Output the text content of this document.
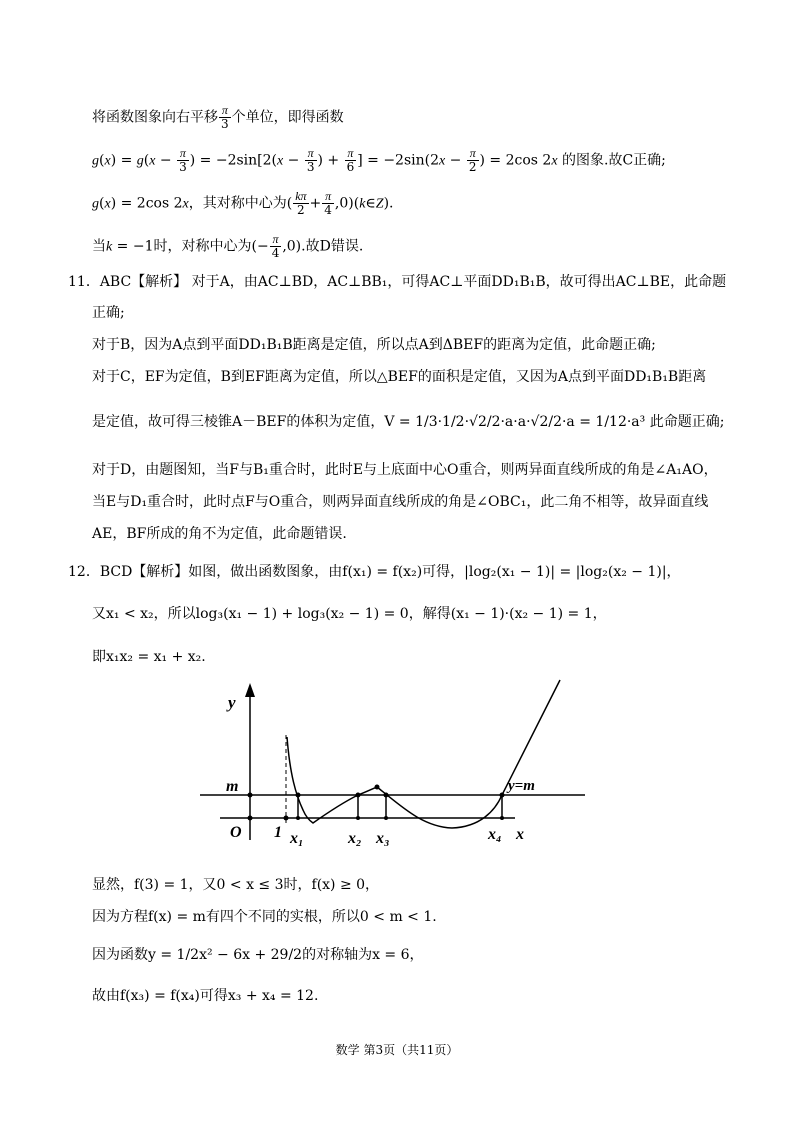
将函数图象向右平移 $\frac{\pi}{3}$ 个单位，即得函数
$g(x) = g(x - \frac{\pi}{3}$ ) = $-2\sin[2(x - \frac{\pi}{3}$ ) + $\frac{\pi}{6}$ ] = $-2\sin(2x - \frac{\pi}{2}$ ) = 2cos 2x 的图象.故C正确;
g(x) = 2cos 2x，其对称中心为( $\frac{k\pi}{2} + \frac{\pi}{4}$ ,0)(k∈Z).
当k = −1时，对称中心为(− $\frac{\pi}{4} ,0$).故D错误.
11．ABC【解析】 对于A，由AC⊥BD，AC⊥BB₁，可得AC⊥平面DD₁B₁B，故可得出AC⊥BE，此命题
正确;
对于B，因为A点到平面DD₁B₁B距离是定值，所以点A到ΔBEF的距离为定值，此命题正确;
对于C，EF为定值，B到EF距离为定值，所以△BEF的面积是定值，又因为A点到平面DD₁B₁B距离
是定值，故可得三棱锥A－BEF的体积为定值，V = 1/3·1/2·√2/2·a·a·√2/2·a = 1/12·a³ 此命题正确;
对于D，由题图知，当F与B₁重合时，此时E与上底面中心O重合，则两异面直线所成的角是∠A₁AO，
当E与D₁重合时，此时点F与O重合，则两异面直线所成的角是∠OBC₁，此二角不相等，故异面直线
AE，BF所成的角不为定值，此命题错误.
12．BCD【解析】如图，做出函数图象，由f(x₁) = f(x₂)可得，|log₂(x₁ − 1)| = |log₂(x₂ − 1)|，
又x₁ < x₂，所以log₃(x₁ − 1) + log₃(x₂ − 1) = 0，解得(x₁ − 1)·(x₂ − 1) = 1，
即x₁x₂ = x₁ + x₂.
y
m
O 1 x₁	x₂ x₃	x₄ x
y=m
显然，f(3) = 1，又0 < x ≤ 3时，f(x) ≥ 0，
因为方程f(x) = m有四个不同的实根，所以0 < m < 1.
因为函数y = 1/2x² − 6x + 29/2的对称轴为x = 6，
故由f(x₃) = f(x₄)可得x₃ + x₄ = 12.
数学 第3页（共11页）
